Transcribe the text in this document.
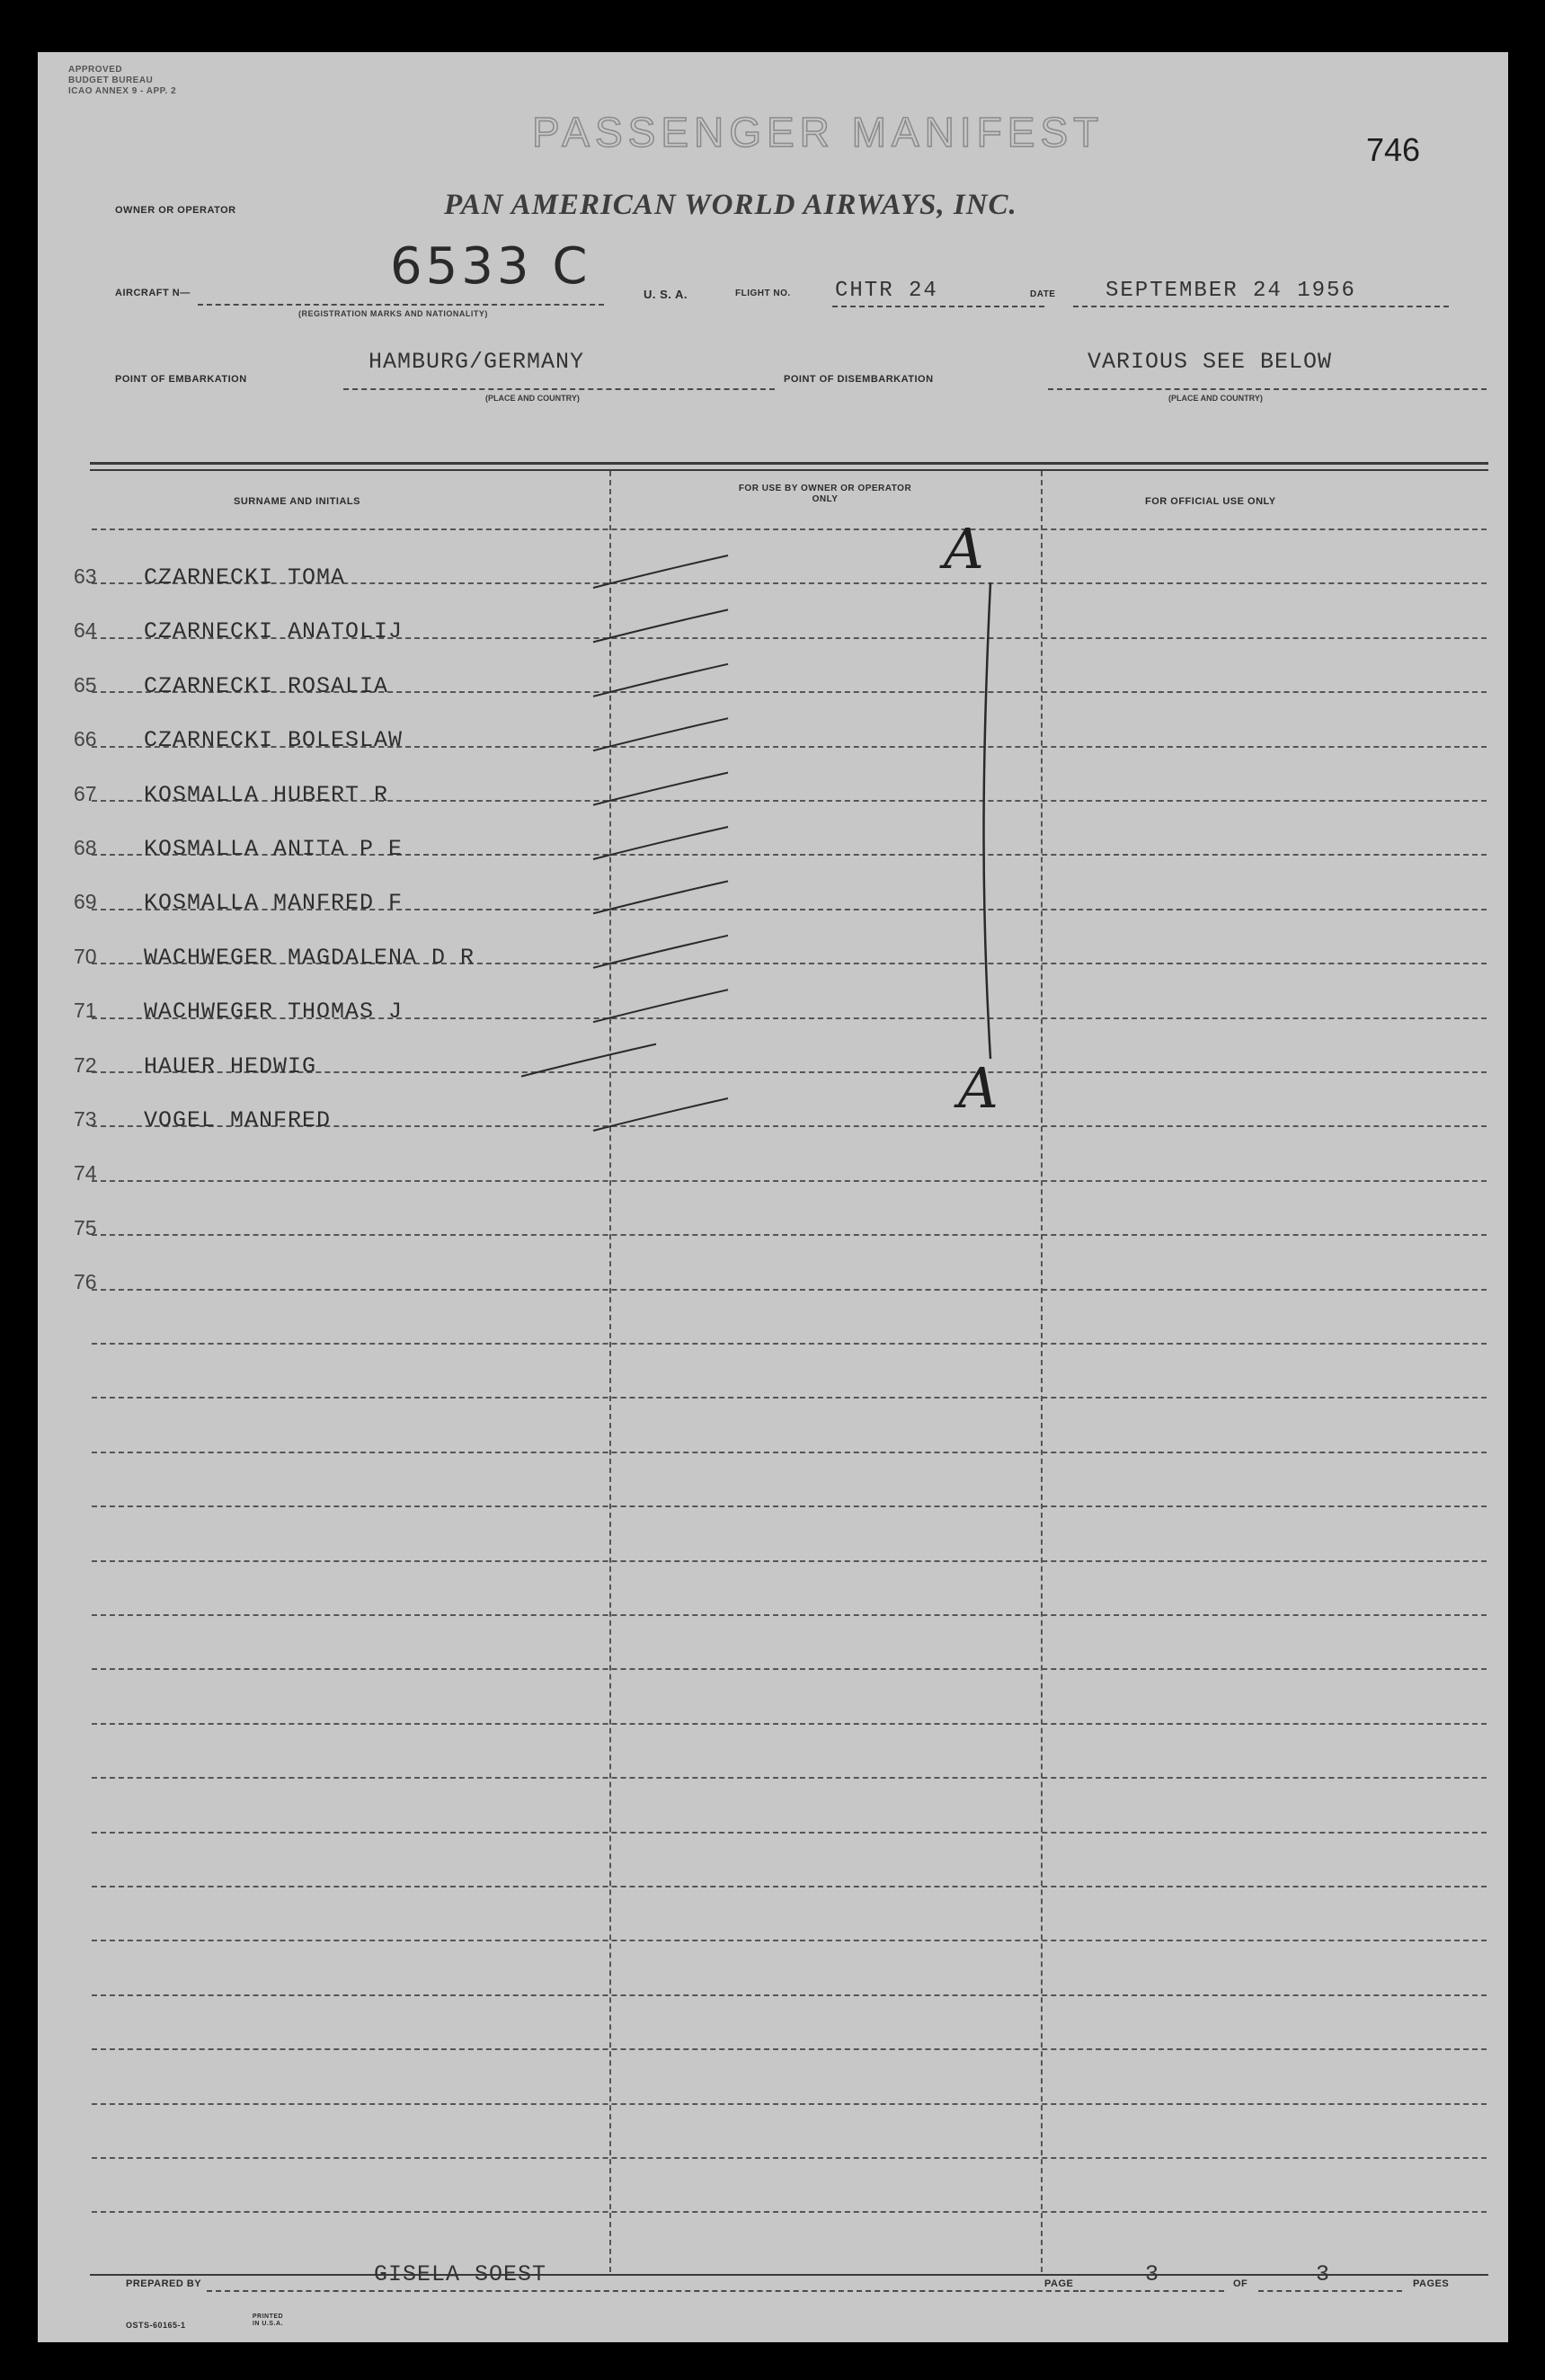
APPROVED
BUDGET BUREAU
ICAO ANNEX 9 - APP. 2
PASSENGER MANIFEST	746
OWNER OR OPERATOR	PAN AMERICAN WORLD AIRWAYS, INC.
AIRCRAFT N—	6533 C
(REGISTRATION MARKS AND NATIONALITY)
U. S. A.	FLIGHT NO. CHTR 24	DATE SEPTEMBER 24 1956
POINT OF EMBARKATION
HAMBURG/GERMANY
(PLACE AND COUNTRY)
POINT OF DISEMBARKATION
VARIOUS SEE BELOW
(PLACE AND COUNTRY)
SURNAME AND INITIALS
FOR USE BY OWNER OR OPERATOR ONLY	FOR OFFICIAL USE ONLY
63 CZARNECKI TOMA
64 CZARNECKI ANATOLIJ
65 CZARNECKI ROSALIA
66 CZARNECKI BOLESLAW
67 KOSMALLA HUBERT R
68 KOSMALLA ANITA P E
69 KOSMALLA MANFRED F
70 WACHWEGER MAGDALENA D R
71 WACHWEGER THOMAS J
72 HAUER HEDWIG
73 VOGEL MANFRED
74
75
76
A
A
PREPARED BY	GISELA SOEST	PAGE	3	OF	3	PAGES
OSTS-60165-1
PRINTED IN U.S.A.
